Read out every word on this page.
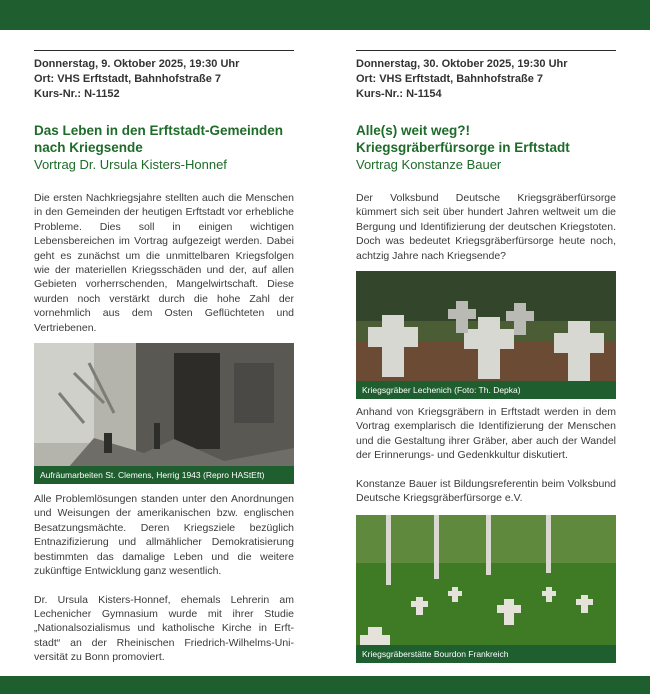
Donnerstag, 9. Oktober 2025, 19:30 Uhr
Ort: VHS Erftstadt, Bahnhofstraße 7
Kurs-Nr.: N-1152
Das Leben in den Erftstadt-Gemeinden
nach Kriegsende
Vortrag Dr. Ursula Kisters-Honnef

Die ersten Nachkriegsjahre stellten auch die Menschen in den Gemeinden der heutigen Erftstadt vor erhebliche Probleme. Dies soll in einigen wichtigen Lebensbereichen im Vortrag aufgezeigt werden. Dabei geht es zunächst um die unmittelbaren Kriegsfolgen wie der materiellen Kriegsschäden und der, auf allen Gebieten vorherrschenden, Mangelwirtschaft. Diese wurden noch verstärkt durch die hohe Zahl der vornehmlich aus dem Osten Geflüchteten und Vertriebenen.

Aufräumarbeiten St. Clemens, Herrig 1943 (Repro HAStEft)

Alle Problemlösungen standen unter den Anordnungen und Weisungen der amerikanischen bzw. englischen Besatzungsmächte. Deren Kriegsziele bezüglich Entnazifizierung und allmählicher Demokratisierung bestimmten das damalige Leben und die weitere zukünftige Entwicklung ganz wesentlich.

Dr. Ursula Kisters-Honnef, ehemals Lehrerin am Lechenicher Gymnasium wurde mit ihrer Studie „Nationalsozialismus und katholische Kirche in Erftstadt“ an der Rheinischen Friedrich-Wilhelms-Universität zu Bonn promoviert.

Donnerstag, 30. Oktober 2025, 19:30 Uhr
Ort: VHS Erftstadt, Bahnhofstraße 7
Kurs-Nr.: N-1154
Alle(s) weit weg?!
Kriegsgräberfürsorge in Erftstadt
Vortrag Konstanze Bauer

Der Volksbund Deutsche Kriegsgräberfürsorge kümmert sich seit über hundert Jahren weltweit um die Bergung und Identifizierung der deutschen Kriegstoten. Doch was bedeutet Kriegsgräberfürsorge heute noch, achtzig Jahre nach Kriegsende?

Kriegsgräber Lechenich (Foto: Th. Depka)

Anhand von Kriegsgräbern in Erftstadt werden in dem Vortrag exemplarisch die Identifizierung der Menschen und die Gestaltung ihrer Gräber, aber auch der Wandel der Erinnerungs- und Gedenkkultur diskutiert.

Konstanze Bauer ist Bildungsreferentin beim Volksbund Deutsche Kriegsgräberfürsorge e.V.

Kriegsgräberstätte Bourdon Frankreich
